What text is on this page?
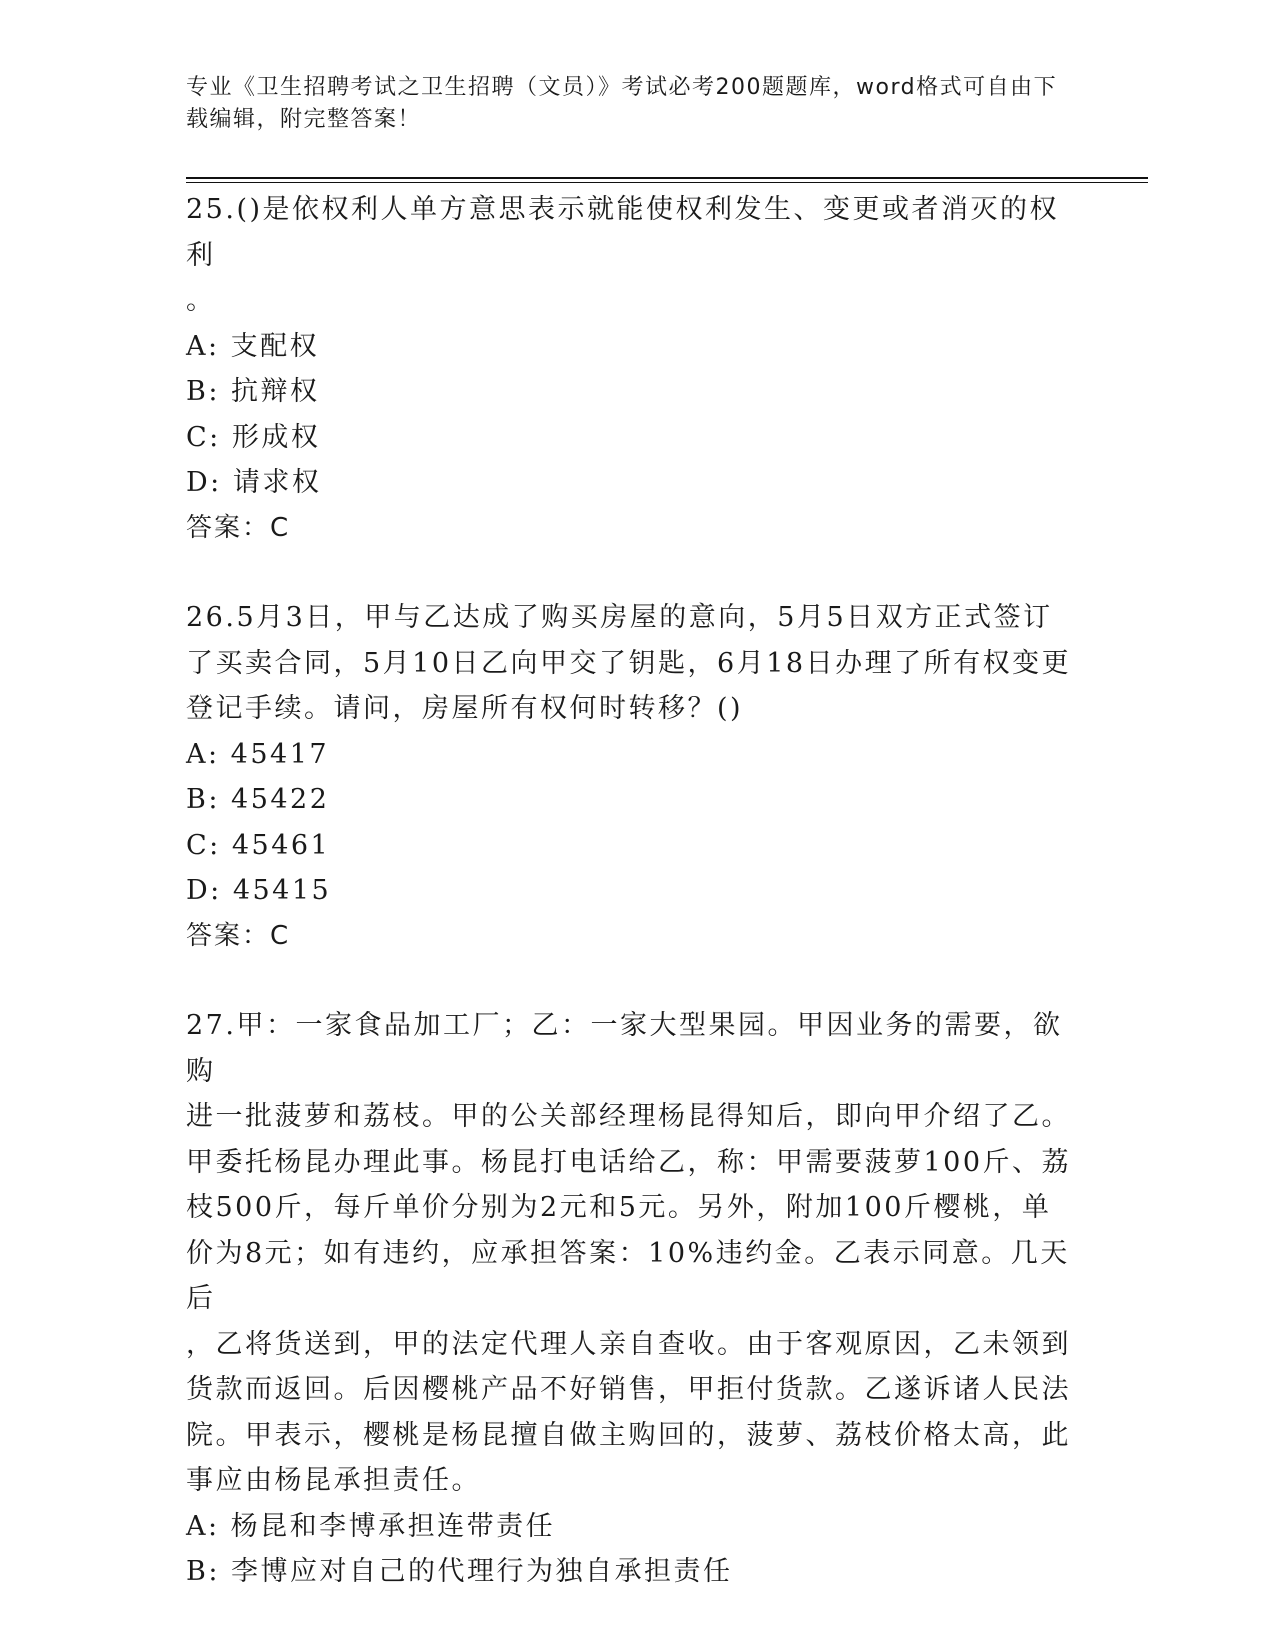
专业《卫生招聘考试之卫生招聘（文员）》考试必考200题题库，word格式可自由下载编辑，附完整答案！

25.()是依权利人单方意思表示就能使权利发生、变更或者消灭的权利

。

A: 支配权

B: 抗辩权

C: 形成权

D: 请求权

答案：C

26.5月3日，甲与乙达成了购买房屋的意向，5月5日双方正式签订

了买卖合同，5月10日乙向甲交了钥匙，6月18日办理了所有权变更

登记手续。请问，房屋所有权何时转移？()

A: 45417

B: 45422

C: 45461

D: 45415

答案：C

27.甲：一家食品加工厂；乙：一家大型果园。甲因业务的需要，欲购

进一批菠萝和荔枝。甲的公关部经理杨昆得知后，即向甲介绍了乙。

甲委托杨昆办理此事。杨昆打电话给乙，称：甲需要菠萝100斤、荔

枝500斤，每斤单价分别为2元和5元。另外，附加100斤樱桃，单

价为8元；如有违约，应承担答案：10%违约金。乙表示同意。几天后

，乙将货送到，甲的法定代理人亲自查收。由于客观原因，乙未领到

货款而返回。后因樱桃产品不好销售，甲拒付货款。乙遂诉诸人民法

院。甲表示，樱桃是杨昆擅自做主购回的，菠萝、荔枝价格太高，此

事应由杨昆承担责任。

A: 杨昆和李博承担连带责任

B: 李博应对自己的代理行为独自承担责任
